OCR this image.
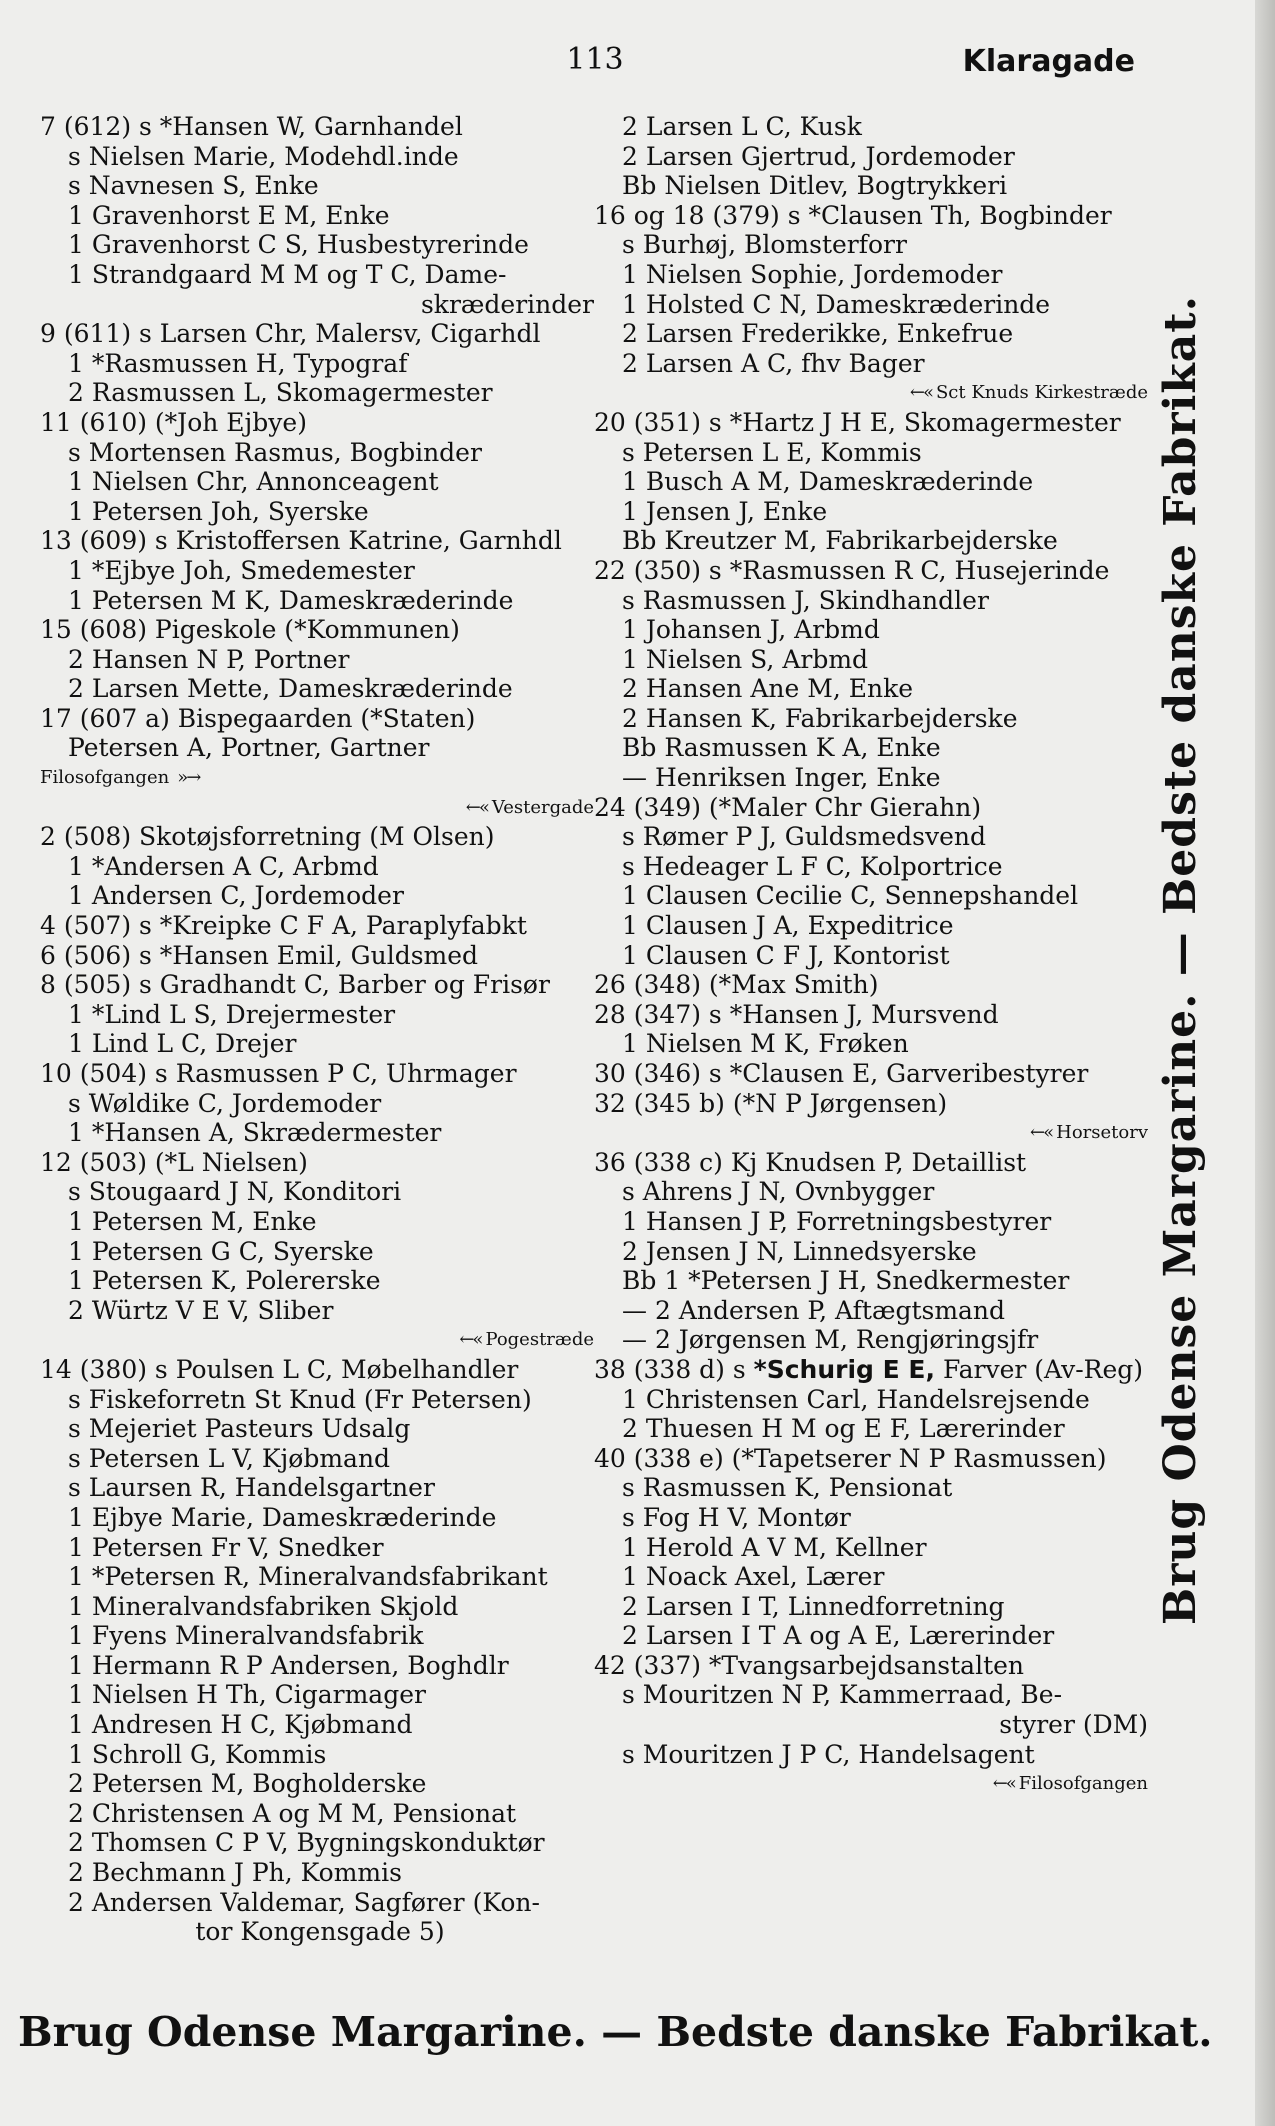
113	Klaragade
7 (612) s *Hansen W, Garnhandel
s Nielsen Marie, Modehdl.inde
s Navnesen S, Enke
1 Gravenhorst E M, Enke
1 Gravenhorst C S, Husbestyrerinde
1 Strandgaard M M og T C, Dame-
skræderinder
9 (611) s Larsen Chr, Malersv, Cigarhdl
1 *Rasmussen H, Typograf
2 Rasmussen L, Skomagermester
11 (610) (*Joh Ejbye)
s Mortensen Rasmus, Bogbinder
1 Nielsen Chr, Annonceagent
1 Petersen Joh, Syerske
13 (609) s Kristoffersen Katrine, Garnhdl
1 *Ejbye Joh, Smedemester
1 Petersen M K, Dameskræderinde
15 (608) Pigeskole (*Kommunen)
2 Hansen N P, Portner
2 Larsen Mette, Dameskræderinde
17 (607 a) Bispegaarden (*Staten)
Petersen A, Portner, Gartner
Filosofgangen »→
←« Vestergade
2 (508) Skotøjsforretning (M Olsen)
1 *Andersen A C, Arbmd
1 Andersen C, Jordemoder
4 (507) s *Kreipke C F A, Paraplyfabkt
6 (506) s *Hansen Emil, Guldsmed
8 (505) s Gradhandt C, Barber og Frisør
1 *Lind L S, Drejermester
1 Lind L C, Drejer
10 (504) s Rasmussen P C, Uhrmager
s Wøldike C, Jordemoder
1 *Hansen A, Skrædermester
12 (503) (*L Nielsen)
s Stougaard J N, Konditori
1 Petersen M, Enke
1 Petersen G C, Syerske
1 Petersen K, Polererske
2 Würtz V E V, Sliber
←« Pogestræde
14 (380) s Poulsen L C, Møbelhandler
s Fiskeforretn St Knud (Fr Petersen)
s Mejeriet Pasteurs Udsalg
s Petersen L V, Kjøbmand
s Laursen R, Handelsgartner
1 Ejbye Marie, Dameskræderinde
1 Petersen Fr V, Snedker
1 *Petersen R, Mineralvandsfabrikant
1 Mineralvandsfabriken Skjold
1 Fyens Mineralvandsfabrik
1 Hermann R P Andersen, Boghdlr
1 Nielsen H Th, Cigarmager
1 Andresen H C, Kjøbmand
1 Schroll G, Kommis
2 Petersen M, Bogholderske
2 Christensen A og M M, Pensionat
2 Thomsen C P V, Bygningskonduktør
2 Bechmann J Ph, Kommis
2 Andersen Valdemar, Sagfører (Kon-
tor Kongensgade 5)
2 Larsen L C, Kusk
2 Larsen Gjertrud, Jordemoder
Bb Nielsen Ditlev, Bogtrykkeri
16 og 18 (379) s *Clausen Th, Bogbinder
s Burhøj, Blomsterforr
1 Nielsen Sophie, Jordemoder
1 Holsted C N, Dameskræderinde
2 Larsen Frederikke, Enkefrue
2 Larsen A C, fhv Bager
←« Sct Knuds Kirkestræde
20 (351) s *Hartz J H E, Skomagermester
s Petersen L E, Kommis
1 Busch A M, Dameskræderinde
1 Jensen J, Enke
Bb Kreutzer M, Fabrikarbejderske
22 (350) s *Rasmussen R C, Husejerinde
s Rasmussen J, Skindhandler
1 Johansen J, Arbmd
1 Nielsen S, Arbmd
2 Hansen Ane M, Enke
2 Hansen K, Fabrikarbejderske
Bb Rasmussen K A, Enke
— Henriksen Inger, Enke
24 (349) (*Maler Chr Gierahn)
s Rømer P J, Guldsmedsvend
s Hedeager L F C, Kolportrice
1 Clausen Cecilie C, Sennepshandel
1 Clausen J A, Expeditrice
1 Clausen C F J, Kontorist
26 (348) (*Max Smith)
28 (347) s *Hansen J, Mursvend
1 Nielsen M K, Frøken
30 (346) s *Clausen E, Garveribestyrer
32 (345 b) (*N P Jørgensen)
←« Horsetorv
36 (338 c) Kj Knudsen P, Detaillist
s Ahrens J N, Ovnbygger
1 Hansen J P, Forretningsbestyrer
2 Jensen J N, Linnedsyerske
Bb 1 *Petersen J H, Snedkermester
— 2 Andersen P, Aftægtsmand
— 2 Jørgensen M, Rengjøringsjfr
38 (338 d) s *Schurig E E, Farver (Av-Reg)
1 Christensen Carl, Handelsrejsende
2 Thuesen H M og E F, Lærerinder
40 (338 e) (*Tapetserer N P Rasmussen)
s Rasmussen K, Pensionat
s Fog H V, Montør
1 Herold A V M, Kellner
1 Noack Axel, Lærer
2 Larsen I T, Linnedforretning
2 Larsen I T A og A E, Lærerinder
42 (337) *Tvangsarbejdsanstalten
s Mouritzen N P, Kammerraad, Be-
styrer (DM)
s Mouritzen J P C, Handelsagent
←« Filosofgangen
Brug Odense Margarine. — Bedste danske Fabrikat.
Brug Odense Margarine. — Bedste danske Fabrikat.
